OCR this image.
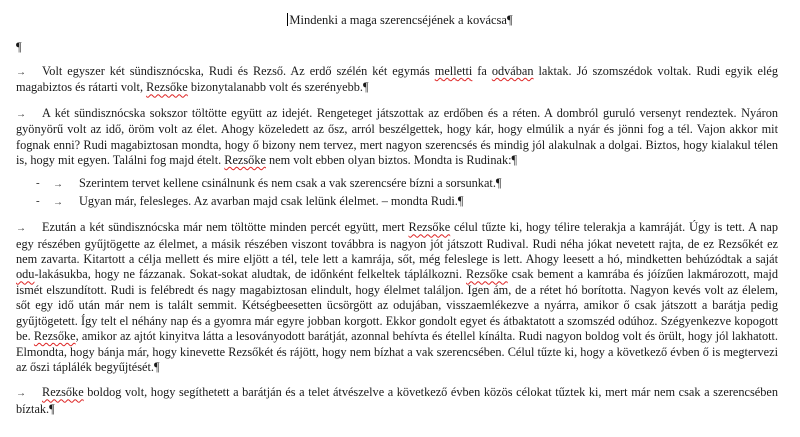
Mindenki a maga szerencséjének a kovácsa¶
¶

→ Volt egyszer két sündisznócska, Rudi és Rezső. Az erdő szélén két egymás melletti fa odvában laktak. Jó szomszédok voltak. Rudi egyik elég magabiztos és rátarti volt, Rezsőke bizonytalanabb volt és szerényebb.¶

→ A két sündisznócska sokszor töltötte együtt az idejét. Rengeteget játszottak az erdőben és a réten. A dombról guruló versenyt rendeztek. Nyáron gyönyörű volt az idő, öröm volt az élet. Ahogy közeledett az ősz, arról beszélgettek, hogy kár, hogy elmúlik a nyár és jönni fog a tél. Vajon akkor mit fognak enni? Rudi magabiztosan mondta, hogy ő bizony nem tervez, mert nagyon szerencsés és mindig jól alakulnak a dolgai. Biztos, hogy kialakul télen is, hogy mit egyen. Találni fog majd ételt. Rezsőke nem volt ebben olyan biztos. Mondta is Rudinak:¶

- → Szerintem tervet kellene csinálnunk és nem csak a vak szerencsére bízni a sorsunkat.¶
- → Ugyan már, felesleges. Az avarban majd csak lelünk élelmet. – mondta Rudi.¶

→ Ezután a két sündisznócska már nem töltötte minden percét együtt, mert Rezsőke célul tűzte ki, hogy télire telerakja a kamráját. Úgy is tett. A nap egy részében gyűjtögette az élelmet, a másik részében viszont továbbra is nagyon jót játszott Rudival. Rudi néha jókat nevetett rajta, de ez Rezsőkét ez nem zavarta. Kitartott a célja mellett és mire eljött a tél, tele lett a kamrája, sőt, még feleslege is lett. Ahogy leesett a hó, mindketten behúzódtak a saját odu-lakásukba, hogy ne fázzanak. Sokat-sokat aludtak, de időnként felkeltek táplálkozni. Rezsőke csak bement a kamrába és jóízűen lakmározott, majd ismét elszundított. Rudi is felébredt és nagy magabiztosan elindult, hogy élelmet találjon. Igen ám, de a rétet hó borította. Nagyon kevés volt az élelem, sőt egy idő után már nem is talált semmit. Kétségbeesetten ücsörgött az odujában, visszaemlékezve a nyárra, amikor ő csak játszott a barátja pedig gyűjtögetett. Így telt el néhány nap és a gyomra már egyre jobban korgott. Ekkor gondolt egyet és átbaktatott a szomszéd odúhoz. Szégyenkezve kopogott be. Rezsőke, amikor az ajtót kinyitva látta a lesoványodott barátját, azonnal behívta és étellel kínálta. Rudi nagyon boldog volt és örült, hogy jól lakhatott. Elmondta, hogy bánja már, hogy kinevette Rezsőkét és rájött, hogy nem bízhat a vak szerencsében. Célul tűzte ki, hogy a következő évben ő is megtervezi az őszi táplálék begyűjtését.¶

→ Rezsőke boldog volt, hogy segíthetett a barátján és a telet átvészelve a következő évben közös célokat tűztek ki, mert már nem csak a szerencsében bíztak.¶
